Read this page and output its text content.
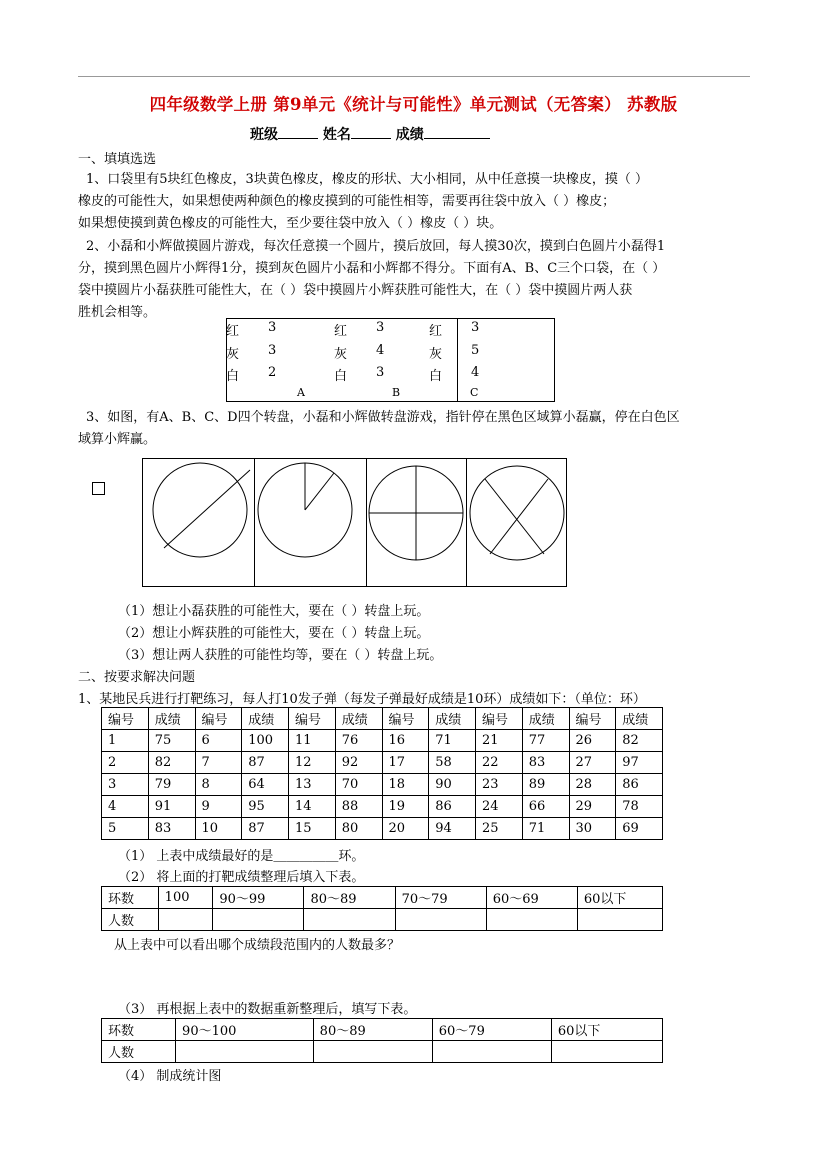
四年级数学上册 第9单元《统计与可能性》单元测试（无答案） 苏教版
班级	姓名	成绩
一、填填选选
1、口袋里有5块红色橡皮，3块黄色橡皮，橡皮的形状、大小相同，从中任意摸一块橡皮，摸（ ）
橡皮的可能性大，如果想使两种颜色的橡皮摸到的可能性相等，需要再往袋中放入（ ）橡皮；
如果想使摸到黄色橡皮的可能性大，至少要往袋中放入（ ）橡皮（ ）块。
2、小磊和小辉做摸圆片游戏，每次任意摸一个圆片，摸后放回，每人摸30次，摸到白色圆片小磊得1
分，摸到黑色圆片小辉得1分，摸到灰色圆片小磊和小辉都不得分。下面有A、B、C三个口袋，在（ ）
袋中摸圆片小磊获胜可能性大，在（ ）袋中摸圆片小辉获胜可能性大，在（ ）袋中摸圆片两人获
胜机会相等。
红 3
灰 3
白 2
A
红 3
灰 4
白 3
B
红 3
灰 5
白 4
C
3、如图，有A、B、C、D四个转盘，小磊和小辉做转盘游戏，指针停在黑色区域算小磊赢，停在白色区
域算小辉赢。
（1）想让小磊获胜的可能性大，要在（ ）转盘上玩。
（2）想让小辉获胜的可能性大，要在（ ）转盘上玩。
（3）想让两人获胜的可能性均等，要在（ ）转盘上玩。
二、按要求解决问题
1、某地民兵进行打靶练习，每人打10发子弹（每发子弹最好成绩是10环）成绩如下：（单位：环）
编号	成绩	编号	成绩	编号	成绩	编号	成绩	编号	成绩	编号	成绩
1	75	6	100	11	76	16	71	21	77	26	82
2	82	7	87	12	92	17	58	22	83	27	97
3	79	8	64	13	70	18	90	23	89	28	86
4	91	9	95	14	88	19	86	24	66	29	78
5	83	10	87	15	80	20	94	25	71	30	69
（1） 上表中成绩最好的是＿＿＿＿＿环。
（2） 将上面的打靶成绩整理后填入下表。
环数	100	90～99	80～89	70～79	60～69	60以下
人数						
从上表中可以看出哪个成绩段范围内的人数最多？
（3） 再根据上表中的数据重新整理后，填写下表。
环数	90～100	80～89	60～79	60以下
人数				
（4） 制成统计图
